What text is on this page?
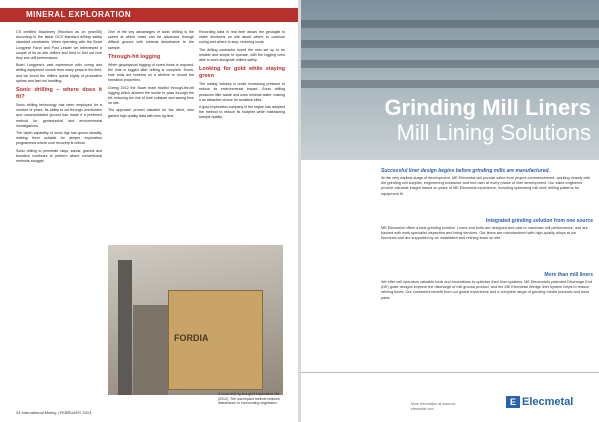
MINERAL EXPLORATION

CS certified Machinery (Stockton as on year/SB) according to the latest GCS standard drilling safety standard constraints. When operating with the Boart Longyear Favor and Post Leader we interviewed a couple of its on-site drillers and tried to find out how they see drill performance.

Boart Longyear's vast experience with coring and drilling equipment comes from many years in the field, and we found the drillers speak highly of productive uptime and fast rod handling.

Sonic drilling – where does it fit?

Sonic drilling technology has been employed for a number of years. Its ability to cut through overburden and unconsolidated ground has made it a preferred method for geotechnical and environmental investigations.

The depth capability of sonic rigs has grown steadily, making them suitable for deeper exploration programmes where core recovery is critical.

Sonic drilling to penetrate clays, sands, gravels and boulders continues to perform where conventional methods struggle.

One of the key advantages of sonic drilling is the speed at which holes can be advanced through difficult ground with minimal disturbance to the sample.

Through-hit logging

When geophysical logging of cored holes is required, the hole is logged after drilling is complete. Down-hole tools are lowered on a wireline to record the formation properties.

During 2012 the Boart team trialled through-the-bit logging which allowed the sonde to pass through the bit, reducing the risk of hole collapse and saving time on site.

The approach proved valuable for the client, who gained high quality data with less rig time.

Recording data in real time allows the geologist to make decisions on site about where to continue coring and where to stop, reducing costs.

The drilling contractor found the new set up to be reliable and simple to operate, with the logging crew able to work alongside drillers safely.

Looking for gold while staying green

The mining industry is under increasing pressure to reduce its environmental impact. Sonic drilling produces little waste and uses minimal water, making it an attractive choice for sensitive sites.

A gold exploration company in the region has adopted the method to reduce its footprint while maintaining sample quality.

FORDIA
A sonic drill rig at a gold exploration site (2012). The low-impact method reduces disturbance to surrounding vegetation.
24 International Mining | FEBRUARY 2013
Grinding Mill Liners
Mill Lining Solutions
Successful liner design begins before grinding mills are manufactured.
At the very earliest stage of development, ME Elecmetal will provide value from project commencement, working closely with the grinding mill supplier, engineering contractor and end user at every phase of liner development. Our sales engineers provide valuable insight based on years of ME Elecmetal experience, including optimising mill shell drilling patterns for equipment fit.
Integrated grinding solution from one source
ME Elecmetal offers a total grinding solution. Liners and bolts are designed and cast to maximise mill performance, and are backed with work specialist inspection and lining services. Our liners are manufactured with high-quality alloys at our foundries and are supported by an installation and relining team on site.
More than mill liners
We offer mill operators valuable tools and innovations to optimise their liner systems. ME Elecmetal's patented Discharge End (DE) grate designs improve the discharge of mill ground product, and the ME Elecmetal Wedge liner system helps to reduce relining times. Our customers benefit from our global experience and a complete range of grinding media products and wear parts.
More information at www.me-elecmetal.com
E Elecmetal
